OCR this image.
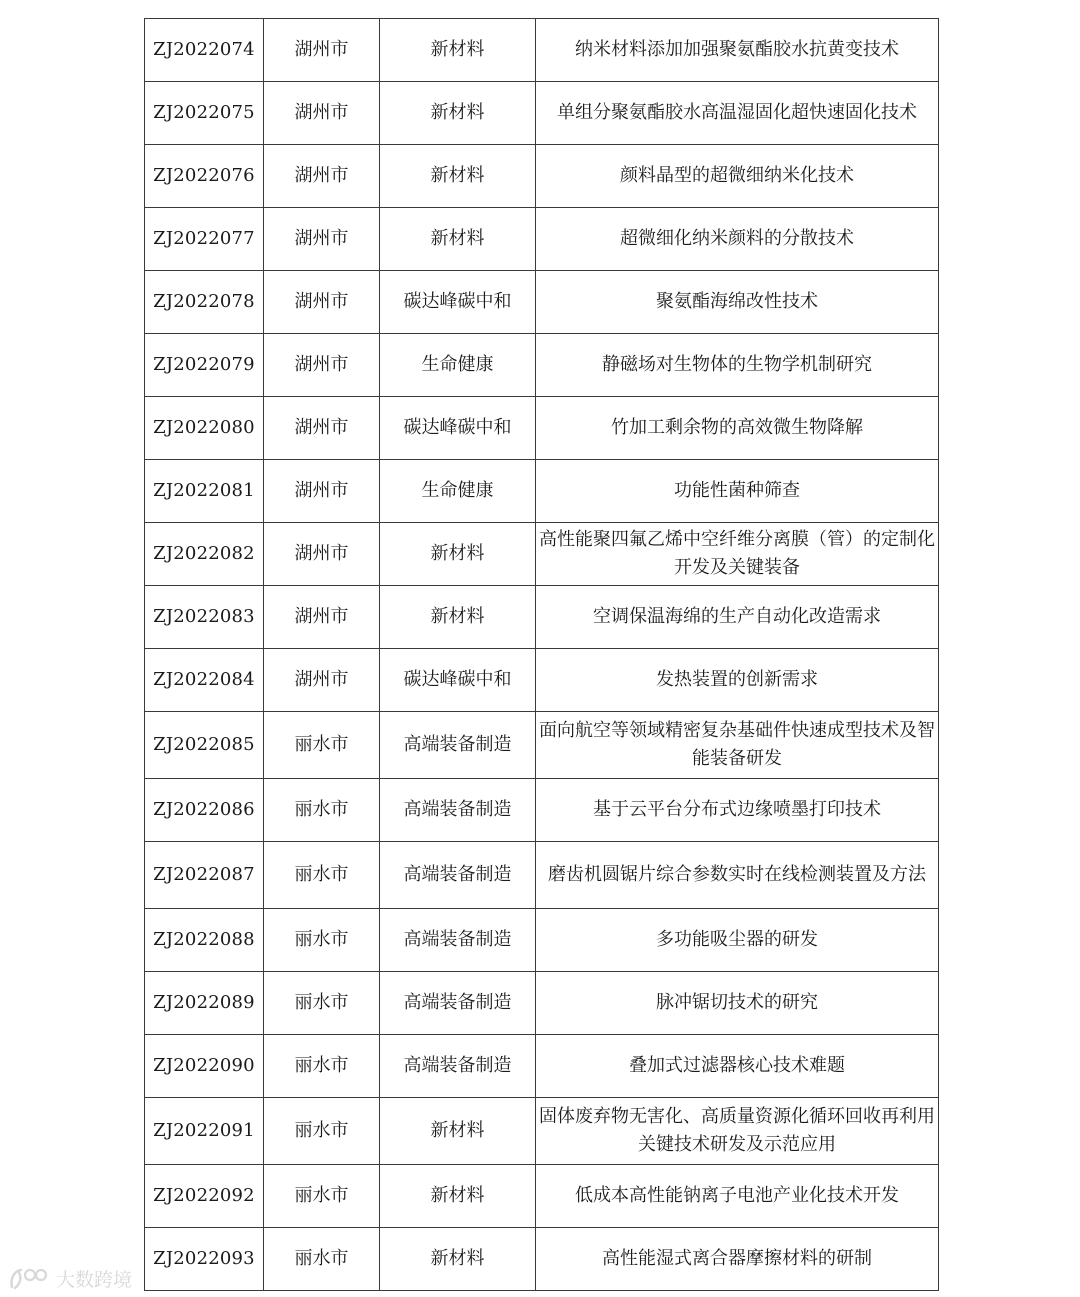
ZJ2022074	湖州市	新材料	纳米材料添加加强聚氨酯胶水抗黄变技术
ZJ2022075	湖州市	新材料	单组分聚氨酯胶水高温湿固化超快速固化技术
ZJ2022076	湖州市	新材料	颜料晶型的超微细纳米化技术
ZJ2022077	湖州市	新材料	超微细化纳米颜料的分散技术
ZJ2022078	湖州市	碳达峰碳中和	聚氨酯海绵改性技术
ZJ2022079	湖州市	生命健康	静磁场对生物体的生物学机制研究
ZJ2022080	湖州市	碳达峰碳中和	竹加工剩余物的高效微生物降解
ZJ2022081	湖州市	生命健康	功能性菌种筛查
ZJ2022082	湖州市	新材料	高性能聚四氟乙烯中空纤维分离膜（管）的定制化开发及关键装备
ZJ2022083	湖州市	新材料	空调保温海绵的生产自动化改造需求
ZJ2022084	湖州市	碳达峰碳中和	发热装置的创新需求
ZJ2022085	丽水市	高端装备制造	面向航空等领域精密复杂基础件快速成型技术及智能装备研发
ZJ2022086	丽水市	高端装备制造	基于云平台分布式边缘喷墨打印技术
ZJ2022087	丽水市	高端装备制造	磨齿机圆锯片综合参数实时在线检测装置及方法
ZJ2022088	丽水市	高端装备制造	多功能吸尘器的研发
ZJ2022089	丽水市	高端装备制造	脉冲锯切技术的研究
ZJ2022090	丽水市	高端装备制造	叠加式过滤器核心技术难题
ZJ2022091	丽水市	新材料	固体废弃物无害化、高质量资源化循环回收再利用关键技术研发及示范应用
ZJ2022092	丽水市	新材料	低成本高性能钠离子电池产业化技术开发
ZJ2022093	丽水市	新材料	高性能湿式离合器摩擦材料的研制
大数跨境
